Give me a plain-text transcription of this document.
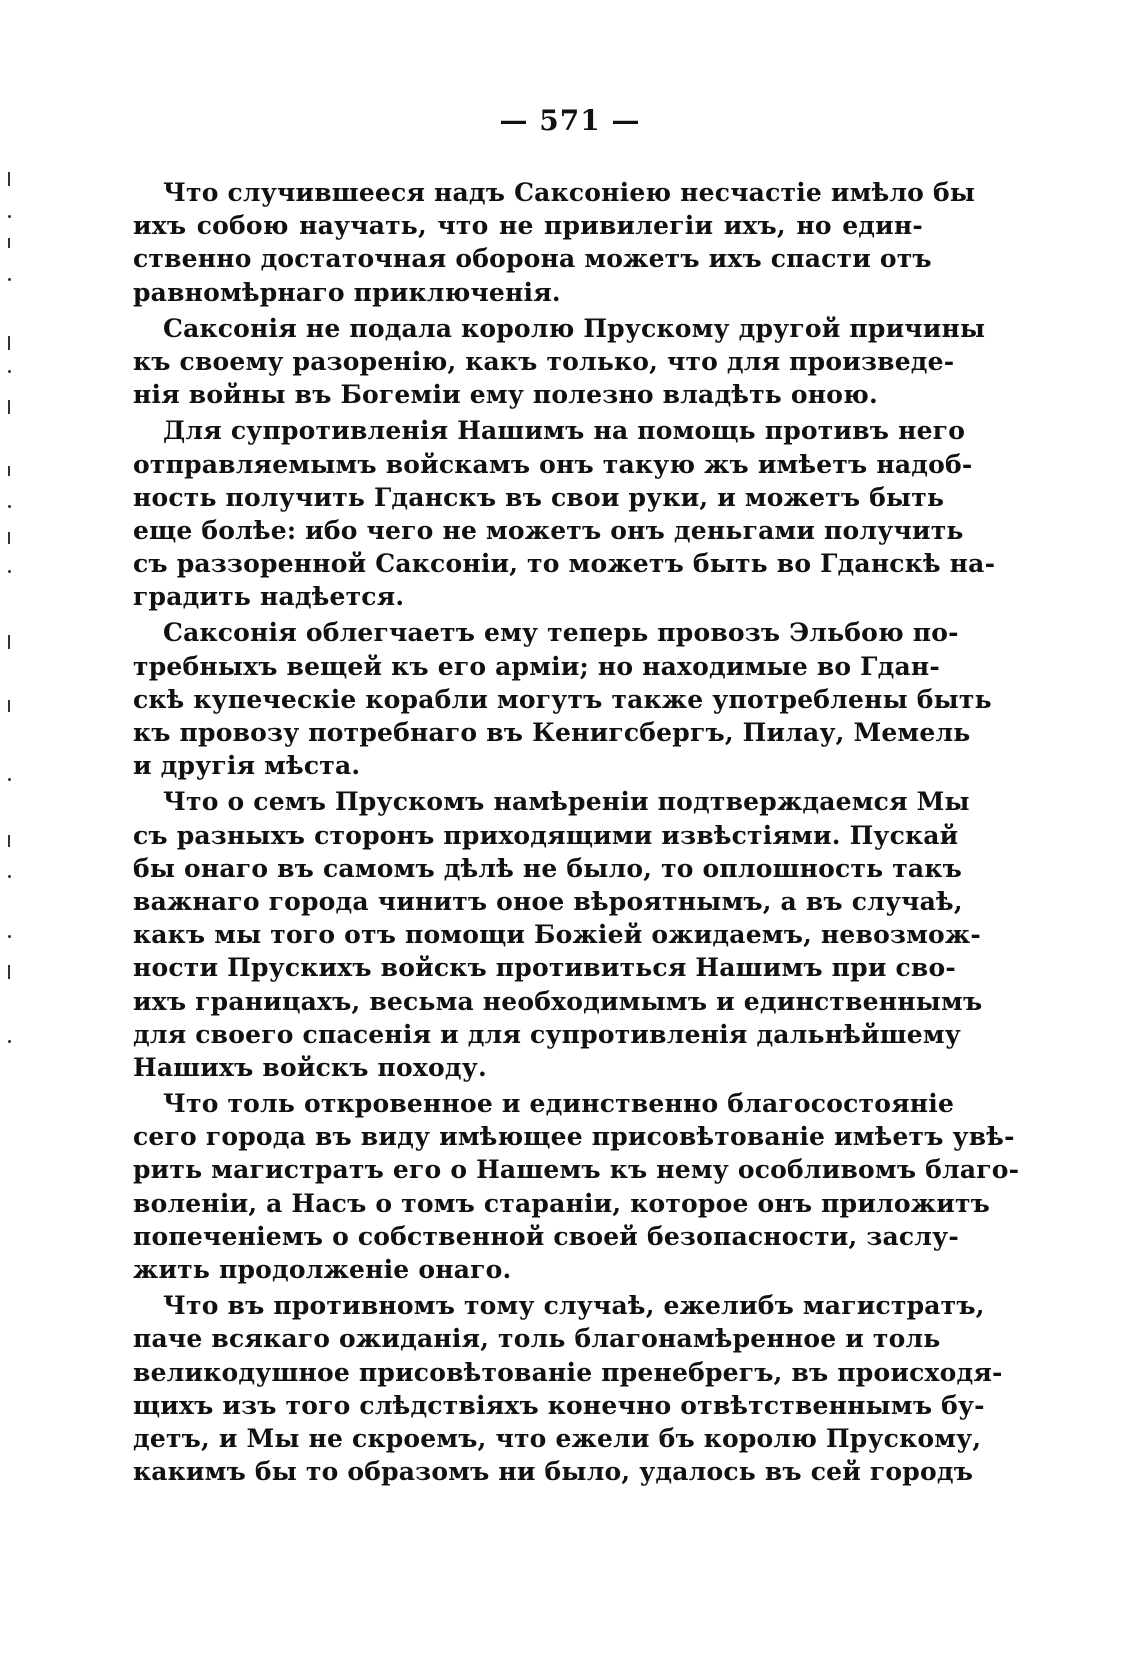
— 571 —
Что случившееся надъ Саксоніею несчастіе имѣло бы
ихъ собою научать, что не привилегіи ихъ, но един-
ственно достаточная оборона можетъ ихъ спасти отъ
равномѣрнаго приключенія.
Саксонія не подала королю Прускому другой причины
къ своему разоренію, какъ только, что для произведе-
нія войны въ Богеміи ему полезно владѣть оною.
Для супротивленія Нашимъ на помощь противъ него
отправляемымъ войскамъ онъ такую жъ имѣетъ надоб-
ность получить Гданскъ въ свои руки, и можетъ быть
еще болѣе: ибо чего не можетъ онъ деньгами получить
съ раззоренной Саксоніи, то можетъ быть во Гданскѣ на-
градить надѣется.
Саксонія облегчаетъ ему теперь провозъ Эльбою по-
требныхъ вещей къ его арміи; но находимые во Гдан-
скѣ купеческіе корабли могутъ также употреблены быть
къ провозу потребнаго въ Кенигсбергъ, Пилау, Мемель
и другія мѣста.
Что о семъ Прускомъ намѣреніи подтверждаемся Мы
съ разныхъ сторонъ приходящими извѣстіями. Пускай
бы онаго въ самомъ дѣлѣ не было, то оплошность такъ
важнаго города чинитъ оное вѣроятнымъ, а въ случаѣ,
какъ мы того отъ помощи Божіей ожидаемъ, невозмож-
ности Прускихъ войскъ противиться Нашимъ при сво-
ихъ границахъ, весьма необходимымъ и единственнымъ
для своего спасенія и для супротивленія дальнѣйшему
Нашихъ войскъ походу.
Что толь откровенное и единственно благосостояніе
сего города въ виду имѣющее присовѣтованіе имѣетъ увѣ-
рить магистратъ его о Нашемъ къ нему особливомъ благо-
воленіи, а Насъ о томъ стараніи, которое онъ приложитъ
попеченіемъ о собственной своей безопасности, заслу-
жить продолженіе онаго.
Что въ противномъ тому случаѣ, ежелибъ магистратъ,
паче всякаго ожиданія, толь благонамѣренное и толь
великодушное присовѣтованіе пренебрегъ, въ происходя-
щихъ изъ того слѣдствіяхъ конечно отвѣтственнымъ бу-
детъ, и Мы не скроемъ, что ежели бъ королю Прускому,
какимъ бы то образомъ ни было, удалось въ сей городъ
